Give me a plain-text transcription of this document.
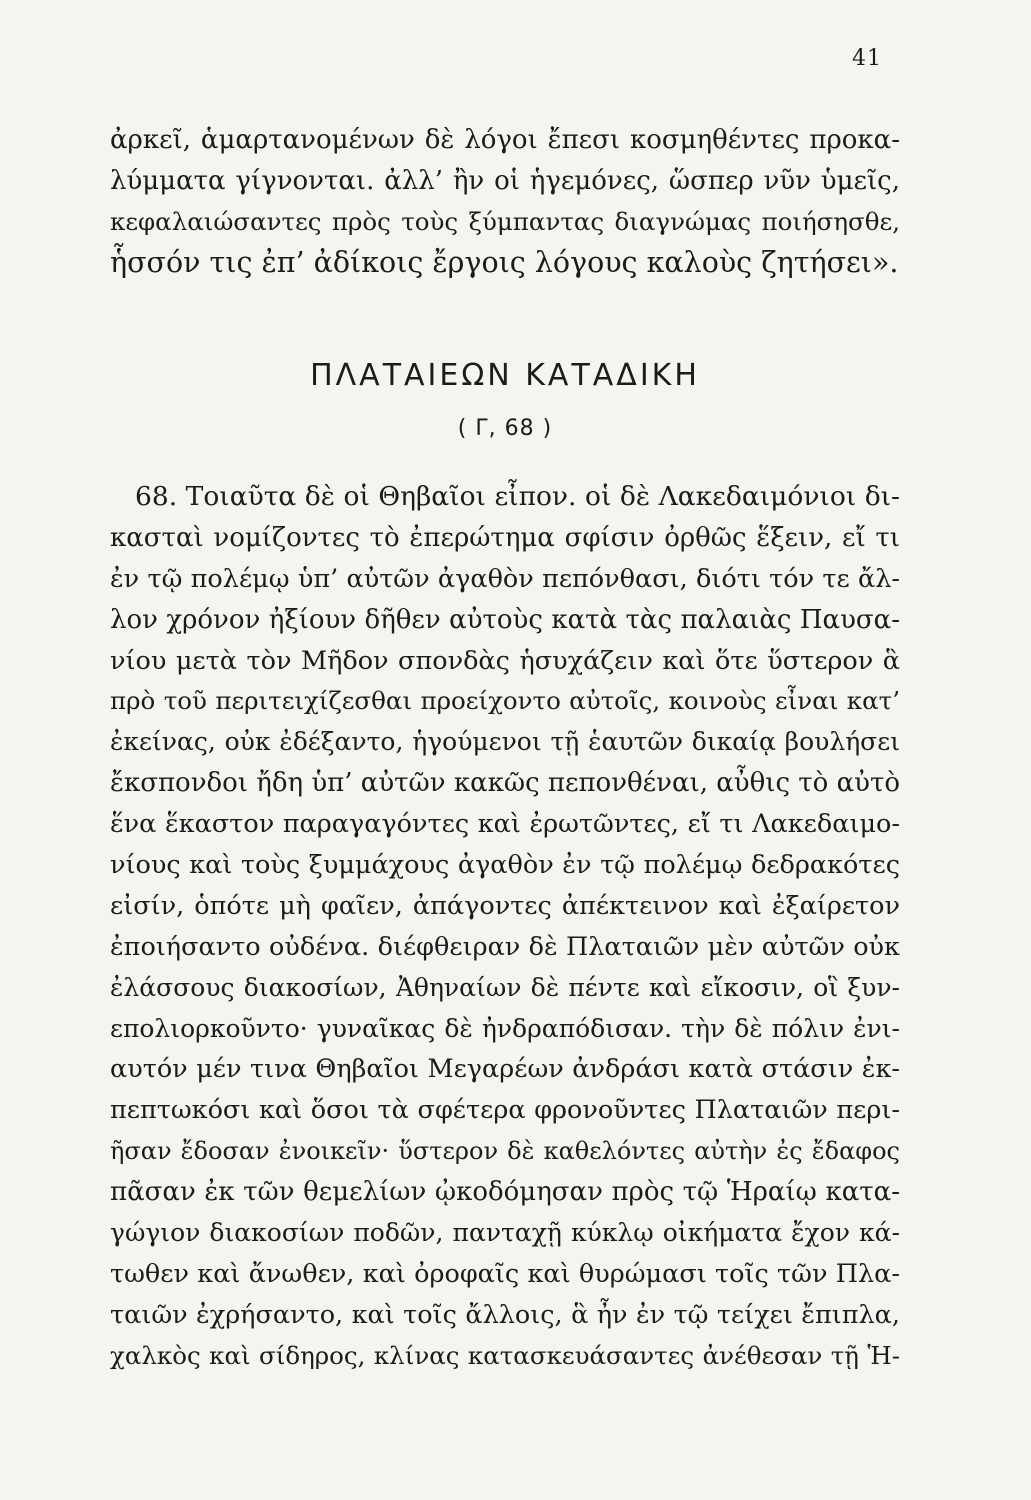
41
ἀρκεῖ, ἁμαρτανομένων δὲ λόγοι ἔπεσι κοσμηθέντες προκα-
λύμματα γίγνονται. ἀλλ’ ἢν οἱ ἡγεμόνες, ὥσπερ νῦν ὑμεῖς,
κεφαλαιώσαντες πρὸς τοὺς ξύμπαντας διαγνώμας ποιήσησθε,
ἧσσόν τις ἐπ’ ἀδίκοις ἔργοις λόγους καλοὺς ζητήσει».
ΠΛΑΤΑΙΕΩΝ ΚΑΤΑΔΙΚΗ
( Γ, 68 )
68. Τοιαῦτα δὲ οἱ Θηβαῖοι εἶπον. οἱ δὲ Λακεδαιμόνιοι δι-
κασταὶ νομίζοντες τὸ ἐπερώτημα σφίσιν ὀρθῶς ἕξειν, εἴ τι
ἐν τῷ πολέμῳ ὑπ’ αὐτῶν ἀγαθὸν πεπόνθασι, διότι τόν τε ἄλ-
λον χρόνον ἠξίουν δῆθεν αὐτοὺς κατὰ τὰς παλαιὰς Παυσα-
νίου μετὰ τὸν Μῆδον σπονδὰς ἡσυχάζειν καὶ ὅτε ὕστερον ἃ
πρὸ τοῦ περιτειχίζεσθαι προείχοντο αὐτοῖς, κοινοὺς εἶναι κατ’
ἐκείνας, οὐκ ἐδέξαντο, ἡγούμενοι τῇ ἑαυτῶν δικαίᾳ βουλήσει
ἔκσπονδοι ἤδη ὑπ’ αὐτῶν κακῶς πεπονθέναι, αὖθις τὸ αὐτὸ
ἕνα ἕκαστον παραγαγόντες καὶ ἐρωτῶντες, εἴ τι Λακεδαιμο-
νίους καὶ τοὺς ξυμμάχους ἀγαθὸν ἐν τῷ πολέμῳ δεδρακότες
εἰσίν, ὁπότε μὴ φαῖεν, ἀπάγοντες ἀπέκτεινον καὶ ἐξαίρετον
ἐποιήσαντο οὐδένα. διέφθειραν δὲ Πλαταιῶν μὲν αὐτῶν οὐκ
ἐλάσσους διακοσίων, Ἀθηναίων δὲ πέντε καὶ εἴκοσιν, οἳ ξυν-
επολιορκοῦντο· γυναῖκας δὲ ἠνδραπόδισαν. τὴν δὲ πόλιν ἐνι-
αυτόν μέν τινα Θηβαῖοι Μεγαρέων ἀνδράσι κατὰ στάσιν ἐκ-
πεπτωκόσι καὶ ὅσοι τὰ σφέτερα φρονοῦντες Πλαταιῶν περι-
ῆσαν ἔδοσαν ἐνοικεῖν· ὕστερον δὲ καθελόντες αὐτὴν ἐς ἔδαφος
πᾶσαν ἐκ τῶν θεμελίων ᾠκοδόμησαν πρὸς τῷ Ἡραίῳ κατα-
γώγιον διακοσίων ποδῶν, πανταχῇ κύκλῳ οἰκήματα ἔχον κά-
τωθεν καὶ ἄνωθεν, καὶ ὀροφαῖς καὶ θυρώμασι τοῖς τῶν Πλα-
ταιῶν ἐχρήσαντο, καὶ τοῖς ἄλλοις, ἃ ἦν ἐν τῷ τείχει ἔπιπλα,
χαλκὸς καὶ σίδηρος, κλίνας κατασκευάσαντες ἀνέθεσαν τῇ Ἡ-
